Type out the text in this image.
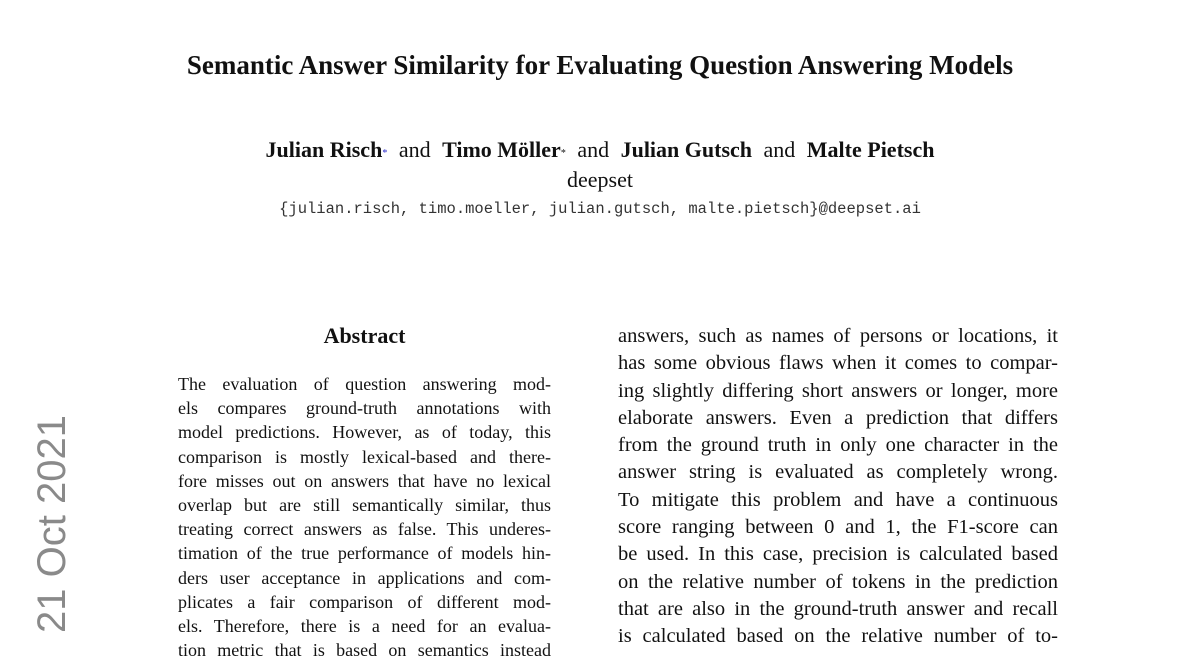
Semantic Answer Similarity for Evaluating Question Answering Models
Julian Risch* and Timo Möller* and Julian Gutsch and Malte Pietsch
deepset
{julian.risch, timo.moeller, julian.gutsch, malte.pietsch}@deepset.ai
21 Oct 2021
Abstract
The evaluation of question answering mod-
els compares ground-truth annotations with
model predictions. However, as of today, this
comparison is mostly lexical-based and there-
fore misses out on answers that have no lexical
overlap but are still semantically similar, thus
treating correct answers as false. This underes-
timation of the true performance of models hin-
ders user acceptance in applications and com-
plicates a fair comparison of different mod-
els. Therefore, there is a need for an evalua-
tion metric that is based on semantics instead
answers, such as names of persons or locations, it
has some obvious flaws when it comes to compar-
ing slightly differing short answers or longer, more
elaborate answers. Even a prediction that differs
from the ground truth in only one character in the
answer string is evaluated as completely wrong.
To mitigate this problem and have a continuous
score ranging between 0 and 1, the F1-score can
be used. In this case, precision is calculated based
on the relative number of tokens in the prediction
that are also in the ground-truth answer and recall
is calculated based on the relative number of to-
